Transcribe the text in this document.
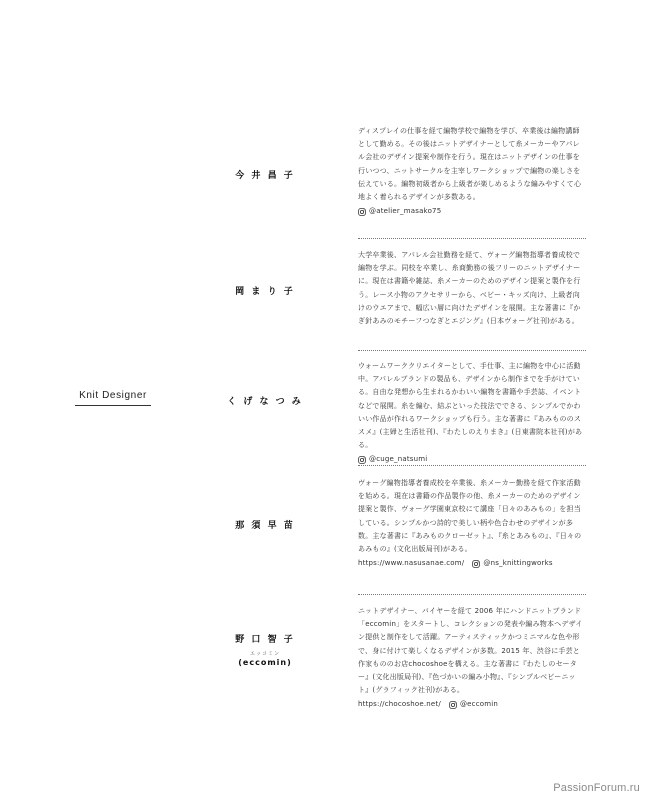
Knit Designer
今 井 昌 子

ディスプレイの仕事を経て編物学校で編物を学び、卒業後は編物講師として勤める。その後はニットデザイナーとして糸メーカーやアパレル会社のデザイン提案や制作を行う。現在はニットデザインの仕事を行いつつ、ニットサークルを主宰しワークショップで編物の楽しさを伝えている。編物初級者から上級者が楽しめるような編みやすくて心地よく着られるデザインが多数ある。

@atelier_masako75
岡 ま り 子

大学卒業後、アパレル会社勤務を経て、ヴォーグ編物指導者養成校で編物を学ぶ。同校を卒業し、糸商勤務の後フリーのニットデザイナーに。現在は書籍や雑誌、糸メーカーのためのデザイン提案と製作を行う。レース小物のアクセサリーから、ベビー・キッズ向け、上級者向けのウエアまで、幅広い層に向けたデザインを展開。主な著書に『かぎ針あみのモチーフつなぎとエジング』(日本ヴォーグ社刊)がある。

く げ な つ み

ウォームワーククリエイターとして、手仕事、主に編物を中心に活動中。アパレルブランドの製品も、デザインから制作までを手がけている。自由な発想から生まれるかわいい編物を書籍や手芸誌、イベントなどで展開。糸を編む、結ぶといった技法でできる、シンプルでかわいい作品が作れるワークショップも行う。主な著書に『あみもののススメ』(主婦と生活社刊)、『わたしのえりまき』(日東書院本社刊)がある。

@cuge_natsumi
那 須 早 苗

ヴォーグ編物指導者養成校を卒業後、糸メーカー勤務を経て作家活動を始める。現在は書籍の作品製作の他、糸メーカーのためのデザイン提案と製作、ヴォーグ学園東京校にて講座「日々のあみもの」を担当している。シンプルかつ詩的で美しい柄や色合わせのデザインが多数。主な著書に『あみものクローゼット』、『糸とあみもの』、『日々のあみもの』(文化出版局刊)がある。

https://www.nasusanae.com/	@ns_knittingworks
野 口 智 子
エッコミン
(eccomin)

ニットデザイナー、バイヤーを経て 2006 年にハンドニットブランド「eccomin」をスタートし、コレクションの発表や編み物本へデザイン提供と制作をして活躍。アーティスティックかつミニマルな色や形で、身に付けて楽しくなるデザインが多数。2015 年、渋谷に手芸と作家もののお店chocoshoeを構える。主な著書に『わたしのセーター』(文化出版局刊)、『色づかいの編み小物』、『シンプルベビーニット』(グラフィック社刊)がある。

https://chocoshoe.net/	@eccomin
PassionForum.ru
